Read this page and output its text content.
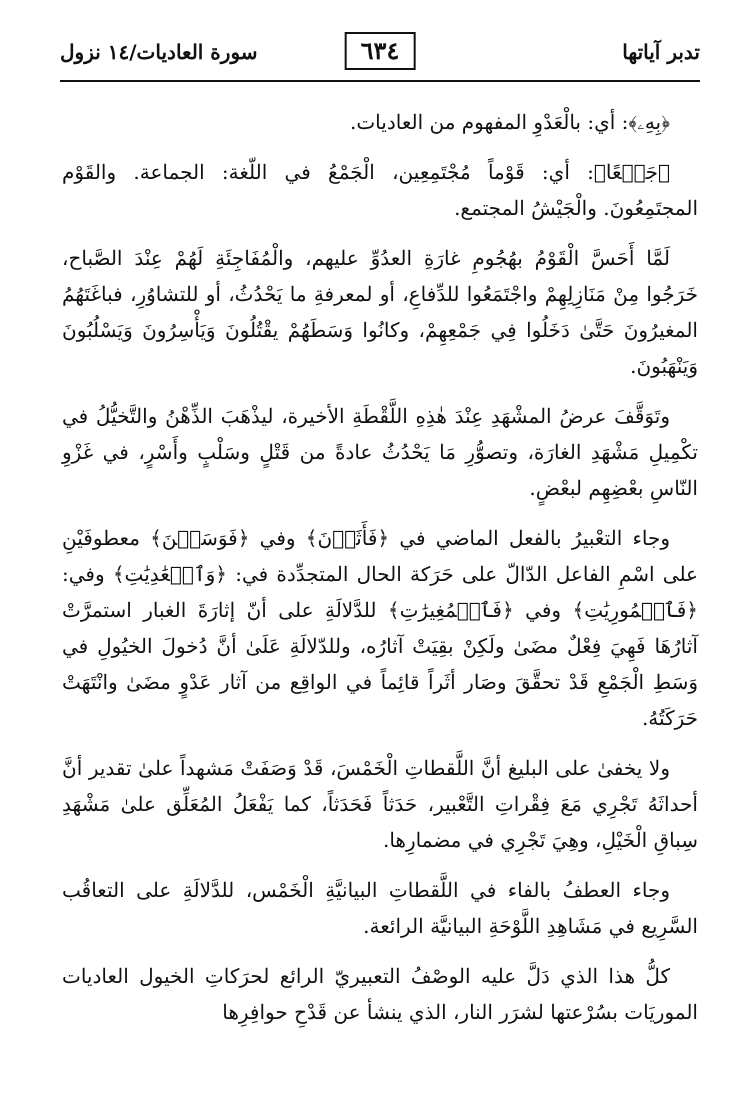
تدبر آياتها
٦٣٤
سورة العاديات/١٤ نزول

﴿بِهِۦ﴾: أي: بالْعَدْوِ المفهوم من العاديات.

﴿جَمۡعًا﴾: أي: قَوْماً مُجْتَمِعِين، الْجَمْعُ في اللّغة: الجماعة. والقَوْم المجتَمِعُونَ. والْجَيْشُ المجتمع.

لَمَّا أَحَسَّ الْقَوْمُ بهُجُومِ غارَةِ العدُوِّ عليهم، والْمُفَاجِئَةِ لَهُمْ عِنْدَ الصَّباح، خَرَجُوا مِنْ مَنَازِلِهِمْ واجْتَمَعُوا للدِّفاعِ، أو لمعرفةِ ما يَحْدُثُ، أو للتشاوُرِ، فباغَتَهُمُ المغيرُونَ حَتَّىٰ دَخَلُوا فِي جَمْعِهِمْ، وكانُوا وَسَطَهُمْ يقْتُلُونَ وَيَأْسِرُونَ وَيَسْلُبُونَ وَيَنْهَبُونَ.

وتَوَقَّفَ عرضُ المشْهَدِ عِنْدَ هٰذِهِ اللَّقْطَةِ الأخيرة، ليذْهَبَ الذِّهْنُ والتَّخيُّلُ في تكْمِيلِ مَشْهَدِ الغارَة، وتصوُّرِ مَا يَحْدُثُ عادةً من قَتْلٍ وسَلْبٍ وأَسْرٍ، في غَزْوِ النّاسِ بعْضِهِم لبعْضٍ.

وجاء التعْبيرُ بالفعل الماضي في ﴿فَأَثَرۡنَ﴾ وفي ﴿فَوَسَطۡنَ﴾ معطوفَيْنِ على اسْمِ الفاعل الدّالّ على حَرَكة الحال المتجدِّدة في: ﴿وَٱلۡعَٰدِيَٰتِ﴾ وفي: ﴿فَٱلۡمُورِيَٰتِ﴾ وفي ﴿فَٱلۡمُغِيرَٰتِ﴾ للدَّلالَةِ على أنّ إثارَةَ الغبار استمرَّتْ آثارُهَا فَهِيَ فِعْلٌ مضَىٰ ولَكِنْ بقِيَتْ آثارُه، وللدّلالَةِ عَلَىٰ أنَّ دُخولَ الخيُولِ في وَسَطِ الْجَمْعِ قَدْ تحقَّقَ وصَار أثَراً قائِماً في الواقِع من آثار عَدْوٍ مضَىٰ وانْتَهَتْ حَرَكَتُهُ.

ولا يخفىٰ على البليغ أنَّ اللَّقطاتِ الْخَمْسَ، قَدْ وَصَفَتْ مَشهداً علىٰ تقدير أنَّ أحداثَهُ تَجْرِي مَعَ فِقْراتِ التَّعْبير، حَدَثاً فَحَدَثاً، كما يَفْعَلُ المُعَلِّق علىٰ مَشْهَدِ سِباقِ الْخَيْلِ، وهِيَ تَجْرِي في مضمارِها.

وجاء العطفُ بالفاء في اللَّقطاتِ البيانيَّةِ الْخَمْس، للدَّلالَةِ على التعاقُب السَّرِيع في مَشَاهِدِ اللَّوْحَةِ البيانيَّة الرائعة.

كلُّ هذا الذي دَلَّ عليه الوصْفُ التعبيريّ الرائع لحرَكاتِ الخيول العاديات الموريَات بسُرْعتها لشرَر النار، الذي ينشأ عن قَدْحِ حوافِرِها
